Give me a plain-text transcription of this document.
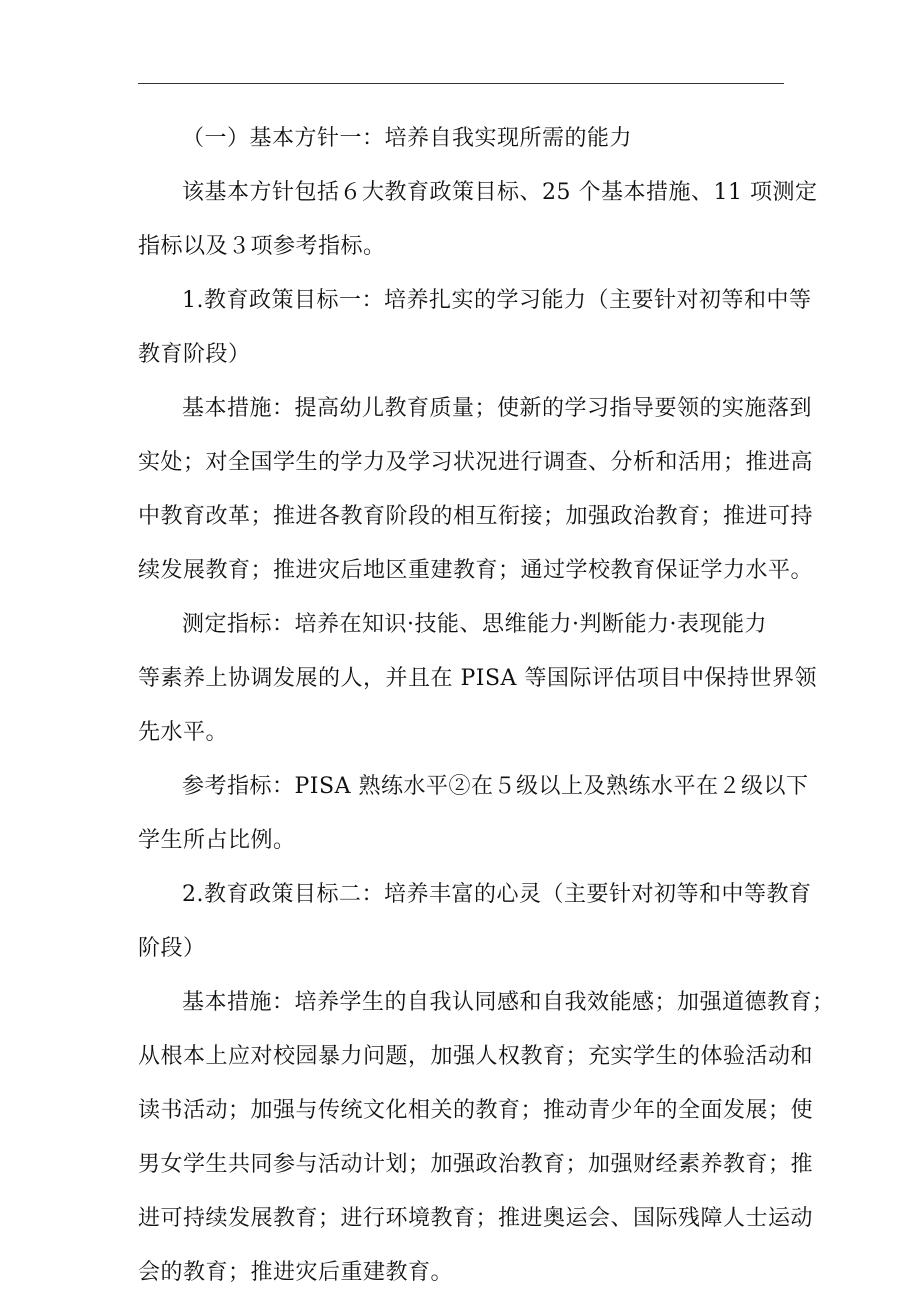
（一）基本方针一：培养自我实现所需的能力

该基本方针包括６大教育政策目标、25 个基本措施、11 项测定
指标以及３项参考指标。

1.教育政策目标一：培养扎实的学习能力（主要针对初等和中等
教育阶段）

基本措施：提高幼儿教育质量；使新的学习指导要领的实施落到
实处；对全国学生的学力及学习状况进行调查、分析和活用；推进高
中教育改革；推进各教育阶段的相互衔接；加强政治教育；推进可持
续发展教育；推进灾后地区重建教育；通过学校教育保证学力水平。

测定指标：培养在知识·技能、思维能力·判断能力·表现能力
等素养上协调发展的人，并且在 PISA 等国际评估项目中保持世界领
先水平。

参考指标：PISA 熟练水平②在５级以上及熟练水平在２级以下
学生所占比例。

2.教育政策目标二：培养丰富的心灵（主要针对初等和中等教育
阶段）

基本措施：培养学生的自我认同感和自我效能感；加强道德教育；
从根本上应对校园暴力问题，加强人权教育；充实学生的体验活动和
读书活动；加强与传统文化相关的教育；推动青少年的全面发展；使
男女学生共同参与活动计划；加强政治教育；加强财经素养教育；推
进可持续发展教育；进行环境教育；推进奥运会、国际残障人士运动
会的教育；推进灾后重建教育。
